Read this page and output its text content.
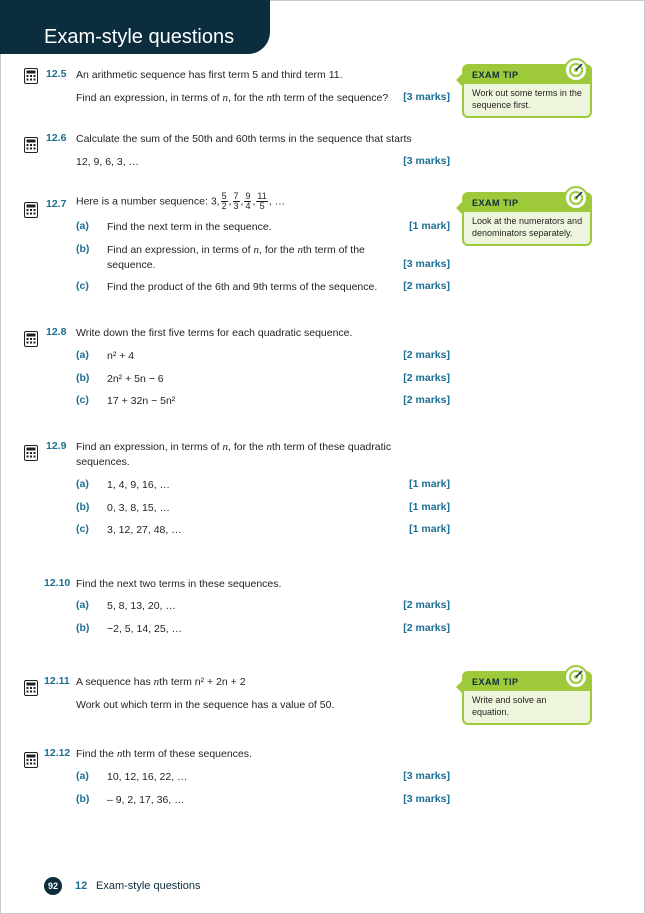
Exam-style questions
12.5 An arithmetic sequence has first term 5 and third term 11.
Find an expression, in terms of n, for the nth term of the sequence?	[3 marks]
12.6 Calculate the sum of the 50th and 60th terms in the sequence that starts
12, 9, 6, 3, …	[3 marks]
12.7 Here is a number sequence: 3, $\frac{5}{2}$ , $\frac{7}{3}$ , $\frac{9}{4}$ , $\frac{11}{5}$ , …
(a) Find the next term in the sequence.	[1 mark]
(b) Find an expression, in terms of n, for the nth term of the sequence.	[3 marks]
(c) Find the product of the 6th and 9th terms of the sequence.	[2 marks]
12.8 Write down the first five terms for each quadratic sequence.
(a) n² + 4	[2 marks]
(b) 2n² + 5n − 6	[2 marks]
(c) 17 + 32n − 5n²	[2 marks]
12.9 Find an expression, in terms of n, for the nth term of these quadratic sequences.
(a) 1, 4, 9, 16, …	[1 mark]
(b) 0, 3, 8, 15, …	[1 mark]
(c) 3, 12, 27, 48, …	[1 mark]
12.10 Find the next two terms in these sequences.
(a) 5, 8, 13, 20, …	[2 marks]
(b) −2, 5, 14, 25, …	[2 marks]
12.11 A sequence has nth term n² + 2n + 2
Work out which term in the sequence has a value of 50.
12.12 Find the nth term of these sequences.
(a) 10, 12, 16, 22, …	[3 marks]
(b) – 9, 2, 17, 36, …	[3 marks]
EXAM TIP
Work out some terms in the sequence first.
EXAM TIP
Look at the numerators and denominators separately.
EXAM TIP
Write and solve an equation.
92	12 Exam-style questions
